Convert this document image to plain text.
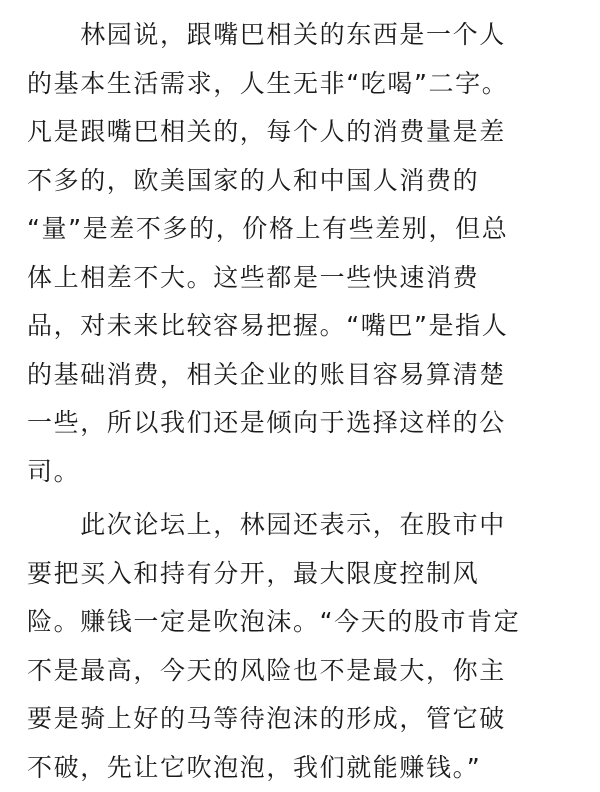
　　林园说，跟嘴巴相关的东西是一个人
的基本生活需求，人生无非“吃喝”二字。
凡是跟嘴巴相关的，每个人的消费量是差
不多的，欧美国家的人和中国人消费的
“量”是差不多的，价格上有些差别，但总
体上相差不大。这些都是一些快速消费
品，对未来比较容易把握。“嘴巴”是指人
的基础消费，相关企业的账目容易算清楚
一些，所以我们还是倾向于选择这样的公
司。

　　此次论坛上，林园还表示，在股市中
要把买入和持有分开，最大限度控制风
险。赚钱一定是吹泡沫。“今天的股市肯定
不是最高，今天的风险也不是最大，你主
要是骑上好的马等待泡沫的形成，管它破
不破，先让它吹泡泡，我们就能赚钱。”
